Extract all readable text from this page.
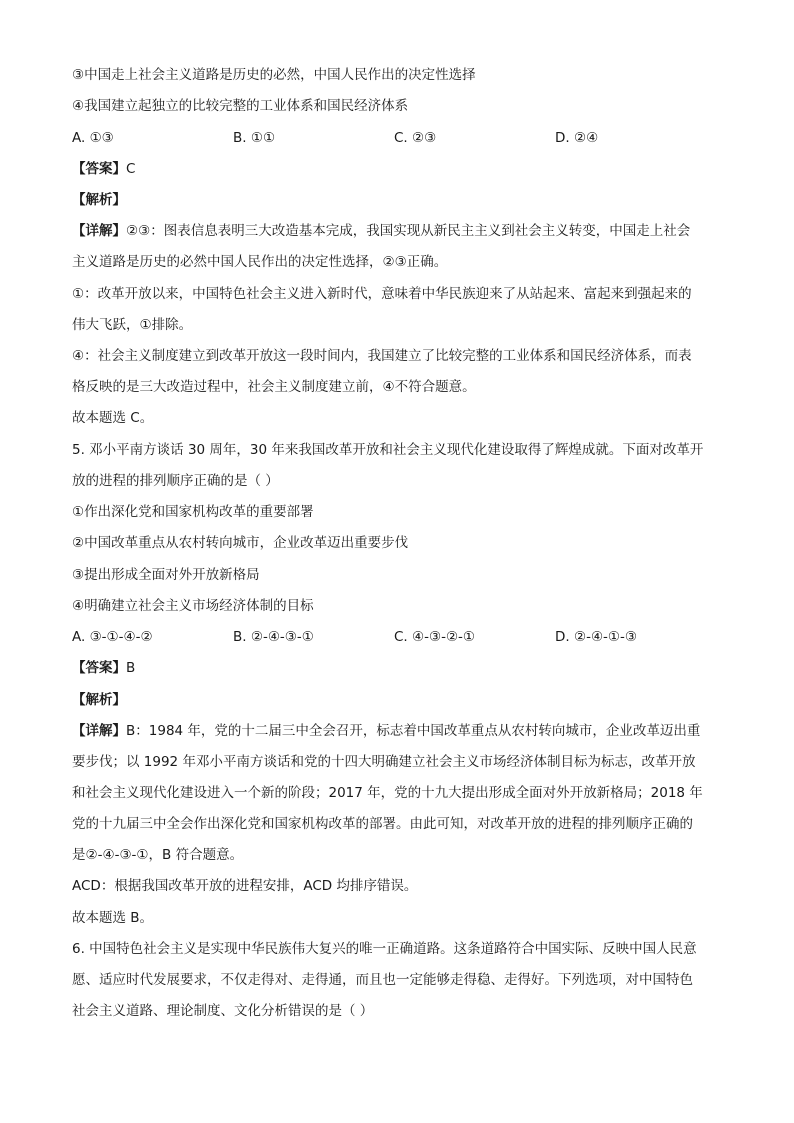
③中国走上社会主义道路是历史的必然，中国人民作出的决定性选择
④我国建立起独立的比较完整的工业体系和国民经济体系
A. ①③	B. ①①	C. ②③	D. ②④
【答案】C
【解析】
【详解】②③：图表信息表明三大改造基本完成，我国实现从新民主主义到社会主义转变，中国走上社会
主义道路是历史的必然中国人民作出的决定性选择，②③正确。
①：改革开放以来，中国特色社会主义进入新时代，意味着中华民族迎来了从站起来、富起来到强起来的
伟大飞跃，①排除。
④：社会主义制度建立到改革开放这一段时间内，我国建立了比较完整的工业体系和国民经济体系，而表
格反映的是三大改造过程中，社会主义制度建立前，④不符合题意。
故本题选 C。
5. 邓小平南方谈话 30 周年，30 年来我国改革开放和社会主义现代化建设取得了辉煌成就。下面对改革开
放的进程的排列顺序正确的是（ ）
①作出深化党和国家机构改革的重要部署
②中国改革重点从农村转向城市，企业改革迈出重要步伐
③提出形成全面对外开放新格局
④明确建立社会主义市场经济体制的目标
A. ③-①-④-②	B. ②-④-③-①	C. ④-③-②-①	D. ②-④-①-③
【答案】B
【解析】
【详解】B：1984 年，党的十二届三中全会召开，标志着中国改革重点从农村转向城市，企业改革迈出重
要步伐；以 1992 年邓小平南方谈话和党的十四大明确建立社会主义市场经济体制目标为标志，改革开放
和社会主义现代化建设进入一个新的阶段；2017 年，党的十九大提出形成全面对外开放新格局；2018 年
党的十九届三中全会作出深化党和国家机构改革的部署。由此可知，对改革开放的进程的排列顺序正确的
是②-④-③-①，B 符合题意。
ACD：根据我国改革开放的进程安排，ACD 均排序错误。
故本题选 B。
6. 中国特色社会主义是实现中华民族伟大复兴的唯一正确道路。这条道路符合中国实际、反映中国人民意
愿、适应时代发展要求，不仅走得对、走得通，而且也一定能够走得稳、走得好。下列选项，对中国特色
社会主义道路、理论制度、文化分析错误的是（ ）
